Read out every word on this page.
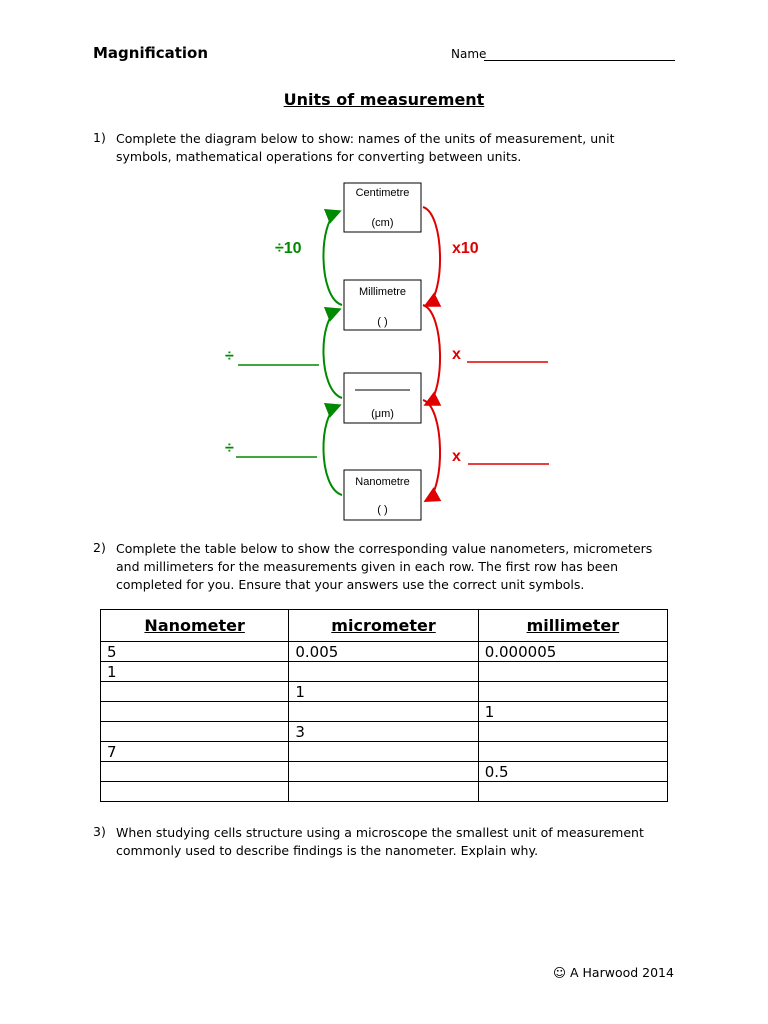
Magnification	Name
Units of measurement
1) Complete the diagram below to show: names of the units of measurement, unit symbols, mathematical operations for converting between units.
Centimetre
(cm)
Millimetre
( )
(μm)
Nanometre
( )
÷10	x10
÷	x
÷	x
2) Complete the table below to show the corresponding value nanometers, micrometers and millimeters for the measurements given in each row. The first row has been completed for you. Ensure that your answers use the correct unit symbols.
Nanometer	micrometer	millimeter
5	0.005	0.000005
1		
	1	
		1
	3	
7		
		0.5

3) When studying cells structure using a microscope the smallest unit of measurement commonly used to describe findings is the nanometer. Explain why.
☺ A Harwood 2014
